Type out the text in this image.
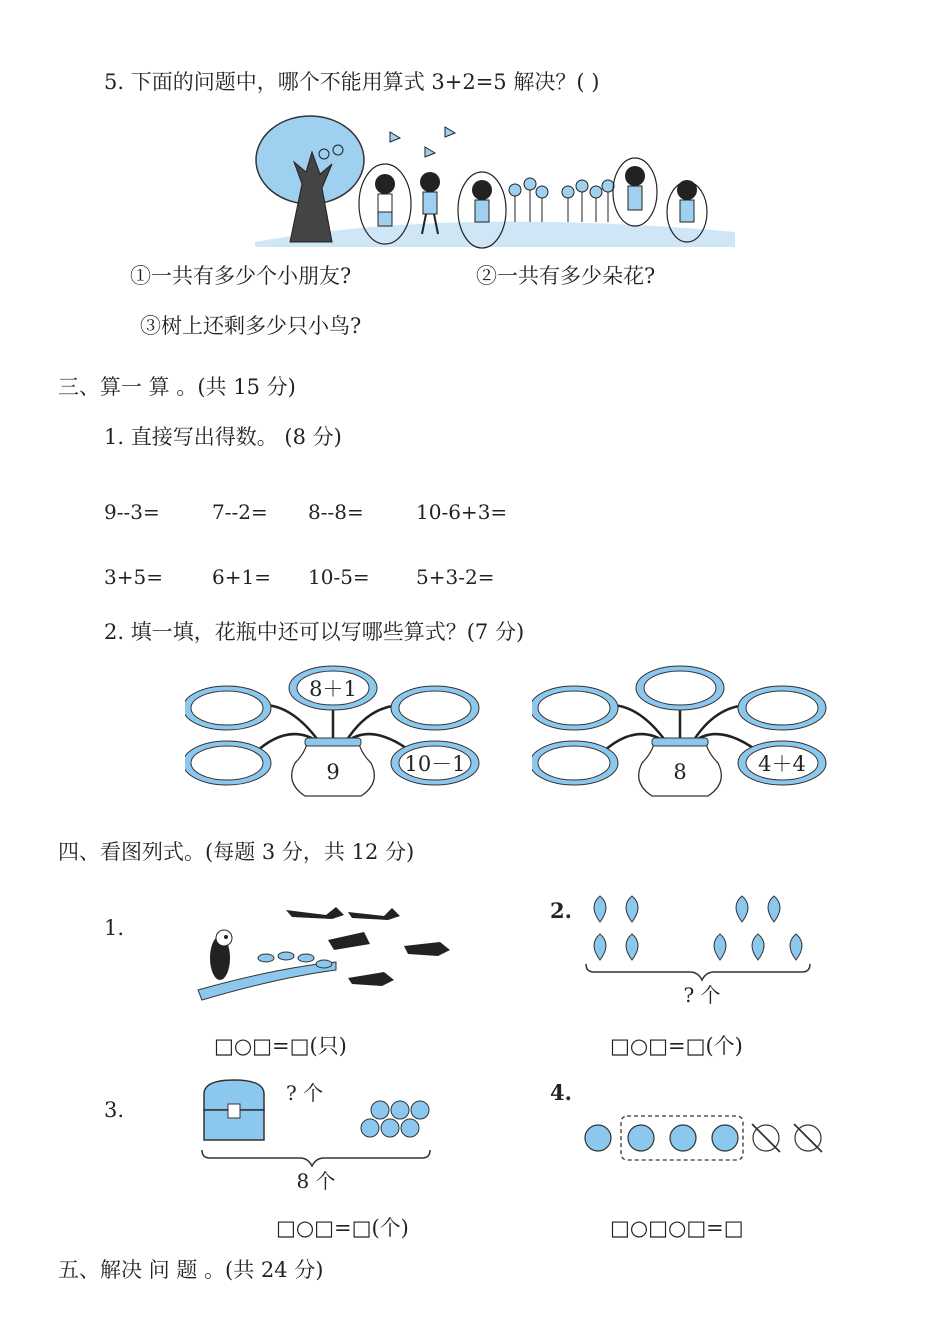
5. 下面的问题中，哪个不能用算式 3+2=5 解决？( )
①一共有多少个小朋友?	②一共有多少朵花?
③树上还剩多少只小鸟?
三、算一 算 。(共 15 分)
1. 直接写出得数。 (8 分)
9--3=	7--2= 8--8=	10-6+3=
3+5= 6+1= 10-5= 5+3-2=
2. 填一填，花瓶中还可以写哪些算式？(7 分)
9
8＋1
10－1	8	4＋4
四、看图列式。(每题 3 分，共 12 分)
1.
□○□=□(只)
2.
? 个
□○□=□(个)
3.
? 个
8 个
□○□=□(个)
4.
□○□○□=□
五、解决 问 题 。(共 24 分)
